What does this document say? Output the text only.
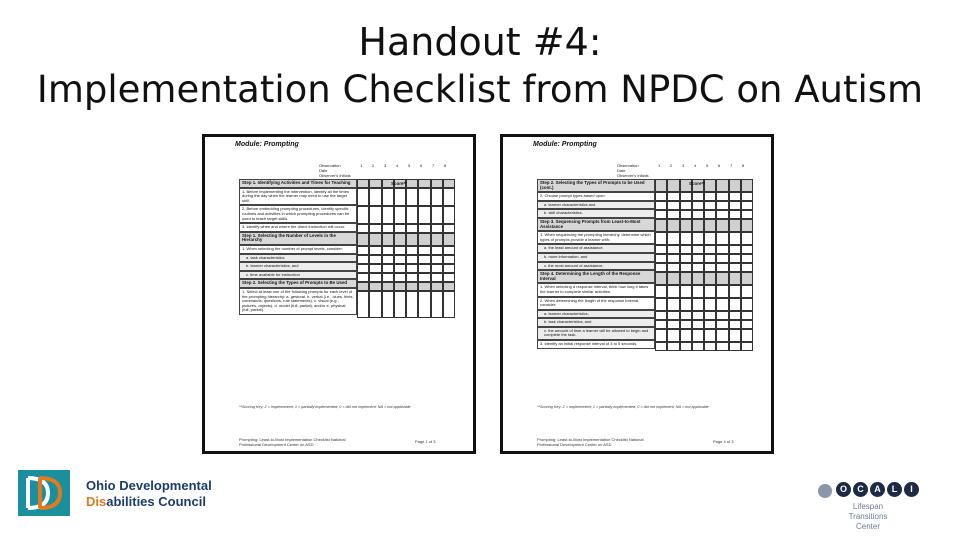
Handout #4:
Implementation Checklist from NPDC on Autism
Module: Prompting
Observation
Date
Observer's Initials
1 2 3 4 5 6 7 8
Step 1. Identifying Activities and Times for Teaching
1. Before implementing the intervention, identify all the times during the day when the learner may need to use the target skill.
2. Before embedding prompting procedures, identify specific routines and activities in which prompting procedures can be used to teach target skills.
3. Identify when and where the direct instruction will occur.
Step 1. Selecting the Number of Levels in the Hierarchy
1. When selecting the number of prompt levels, consider:
a. task characteristics
b. learner characteristics, and
c. time available for instruction
Step 2. Selecting the Types of Prompts to Be Used
1. Select at least one of the following prompts for each level of the prompting hierarchy: a. gestural, b. verbal (i.e., clues, hints, commands, questions, rule statements), c. visual (e.g., pictures, objects), d. model (full, partial), and/or e. physical (full, partial).
Score**
**Scoring Key: 2 = implemented; 1 = partially implemented; 0 = did not implement; NA = not applicable
Prompting: Least-to-Most Implementation Checklist National Professional Development Center on ASD
Page 1 of 3
Module: Prompting
Observation
Date
Observer's Initials
1 2 3 4 5 6 7 8
Step 2. Selecting the Types of Prompts to be Used (cont.)
2. Choose prompt types based upon:
a. learner characteristics and
b. skill characteristics.
Step 3. Sequencing Prompts from Least-to-Most Assistance
1. When sequencing the prompting hierarchy, determine which types of prompts provide a learner with:
a. the least amount of assistance,
b. more information, and
c. the most amount of assistance.
Step 4. Determining the Length of the Response Interval
1. When selecting a response interval, think how long it takes the learner to complete similar activities.
2. When determining the length of the response interval, consider:
a. learner characteristics,
b. task characteristics, and
c. the amount of time a learner will be allowed to begin and complete the task.
3. Identify an initial response interval of 3 to 5 seconds.
Score**
**Scoring Key: 2 = implemented; 1 = partially implemented; 0 = did not implement; NA = not applicable
Prompting: Least-to-Most Implementation Checklist National Professional Development Center on ASD
Page 4 of 3
Ohio Developmental
Disabilities Council
O	C	A	L	I
Lifespan Transitions
Center
